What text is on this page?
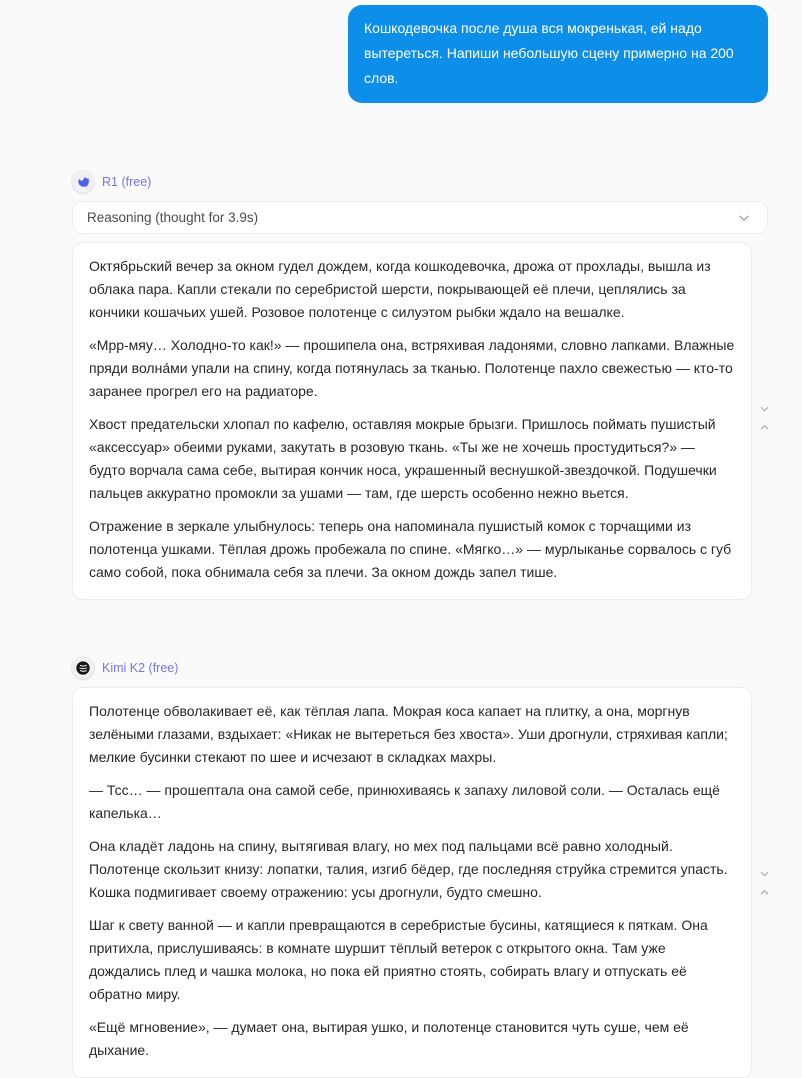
Кошкодевочка после душа вся мокренькая, ей надо вытереться. Напиши небольшую сцену примерно на 200 слов.
R1 (free)
Reasoning (thought for 3.9s)

Октябрьский вечер за окном гудел дождем, когда кошкодевочка, дрожа от прохлады, вышла из облака пара. Капли стекали по серебристой шерсти, покрывающей её плечи, цеплялись за кончики кошачьих ушей. Розовое полотенце с силуэтом рыбки ждало на вешалке.

«Мрр-мяу… Холодно-то как!» — прошипела она, встряхивая ладонями, словно лапками. Влажные пряди волна́ми упали на спину, когда потянулась за тканью. Полотенце пахло свежестью — кто-то заранее прогрел его на радиаторе.

Хвост предательски хлопал по кафелю, оставляя мокрые брызги. Пришлось поймать пушистый «аксессуар» обеими руками, закутать в розовую ткань. «Ты же не хочешь простудиться?» — будто ворчала сама себе, вытирая кончик носа, украшенный веснушкой-звездочкой. Подушечки пальцев аккуратно промокли за ушами — там, где шерсть особенно нежно вьется.

Отражение в зеркале улыбнулось: теперь она напоминала пушистый комок с торчащими из полотенца ушками. Тёплая дрожь пробежала по спине. «Мягко…» — мурлыканье сорвалось с губ само собой, пока обнимала себя за плечи. За окном дождь запел тише.

Kimi K2 (free)

Полотенце обволакивает её, как тёплая лапа. Мокрая коса капает на плитку, а она, моргнув зелёными глазами, вздыхает: «Никак не вытереться без хвоста». Уши дрогнули, стряхивая капли; мелкие бусинки стекают по шее и исчезают в складках махры.

— Тсс… — прошептала она самой себе, принюхиваясь к запаху лиловой соли. — Осталась ещё капелька…

Она кладёт ладонь на спину, вытягивая влагу, но мех под пальцами всё равно холодный. Полотенце скользит книзу: лопатки, талия, изгиб бёдер, где последняя струйка стремится упасть. Кошка подмигивает своему отражению: усы дрогнули, будто смешно.

Шаг к свету ванной — и капли превращаются в серебристые бусины, катящиеся к пяткам. Она притихла, прислушиваясь: в комнате шуршит тёплый ветерок с открытого окна. Там уже дождались плед и чашка молока, но пока ей приятно стоять, собирать влагу и отпускать её обратно миру.

«Ещё мгновение», — думает она, вытирая ушко, и полотенце становится чуть суше, чем её дыхание.
